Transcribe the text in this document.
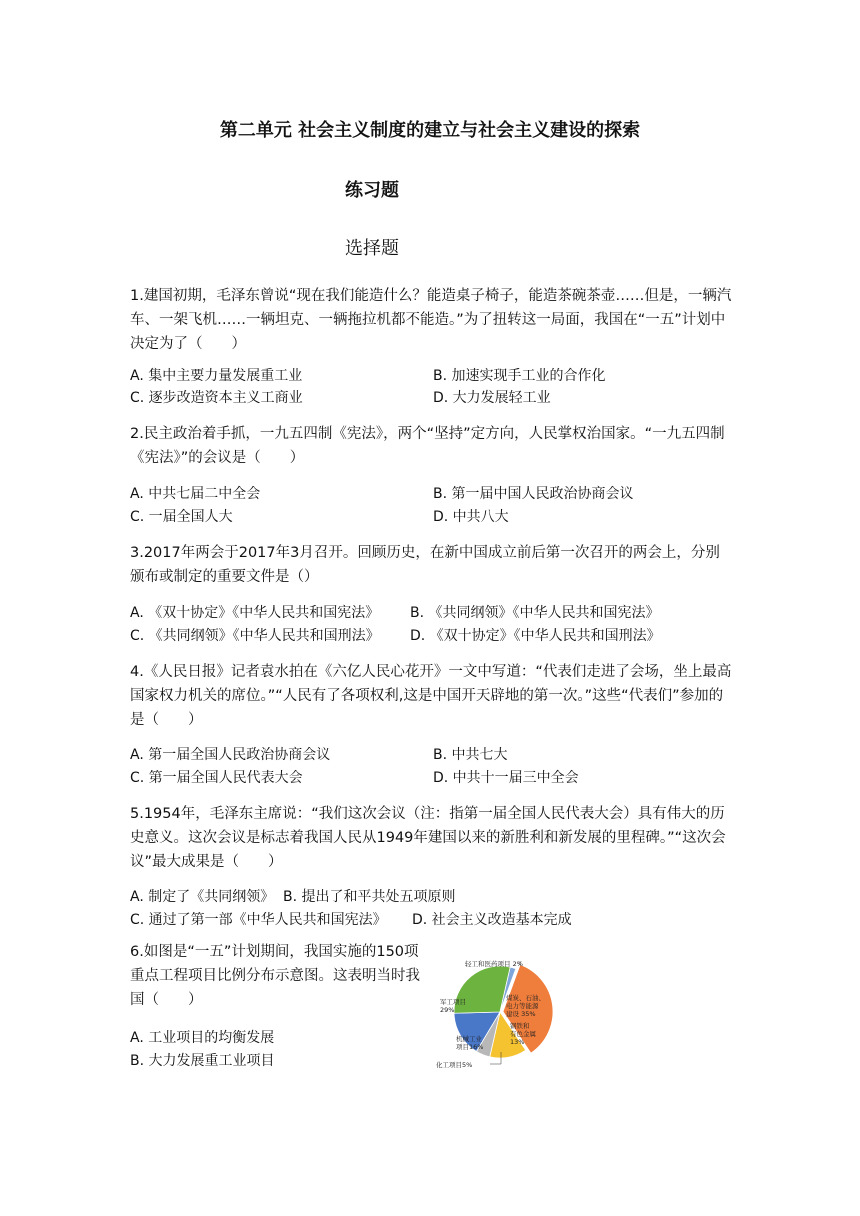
第二单元 社会主义制度的建立与社会主义建设的探索
练习题
选择题
1.建国初期，毛泽东曾说“现在我们能造什么？能造桌子椅子，能造茶碗茶壶……但是，一辆汽车、一架飞机……一辆坦克、一辆拖拉机都不能造。”为了扭转这一局面，我国在“一五”计划中决定为了（　　）
A. 集中主要力量发展重工业	B. 加速实现手工业的合作化
C. 逐步改造资本主义工商业	D. 大力发展轻工业
2.民主政治着手抓，一九五四制《宪法》，两个“坚持”定方向，人民掌权治国家。“一九五四制《宪法》”的会议是（　　）
A. 中共七届二中全会	B. 第一届中国人民政治协商会议
C. 一届全国人大	D. 中共八大
3.2017年两会于2017年3月召开。回顾历史，在新中国成立前后第一次召开的两会上，分别颁布或制定的重要文件是（）
A. 《双十协定》《中华人民共和国宪法》 B. 《共同纲领》《中华人民共和国宪法》
C. 《共同纲领》《中华人民共和国刑法》 D. 《双十协定》《中华人民共和国刑法》
4.《人民日报》记者袁水拍在《六亿人民心花开》一文中写道：“代表们走进了会场，坐上最高国家权力机关的席位。”“人民有了各项权利,这是中国开天辟地的第一次。”这些“代表们”参加的是（　　）
A. 第一届全国人民政治协商会议	B. 中共七大
C. 第一届全国人民代表大会	D. 中共十一届三中全会
5.1954年，毛泽东主席说：“我们这次会议（注：指第一届全国人民代表大会）具有伟大的历史意义。这次会议是标志着我国人民从1949年建国以来的新胜利和新发展的里程碑。”“这次会议”最大成果是（　　）
A. 制定了《共同纲领》 B. 提出了和平共处五项原则
C. 通过了第一部《中华人民共和国宪法》 D. 社会主义改造基本完成
6.如图是“一五”计划期间，我国实施的150项重点工程项目比例分布示意图。这表明当时我国（　　）
A. 工业项目的均衡发展
B. 大力发展重工业项目
轻工和医药项目 2%
煤炭、石油、电力等能源建设 35%
钢铁和有色金属 13%
化工项目5%
机械工业项目16%
军工项目 29%
